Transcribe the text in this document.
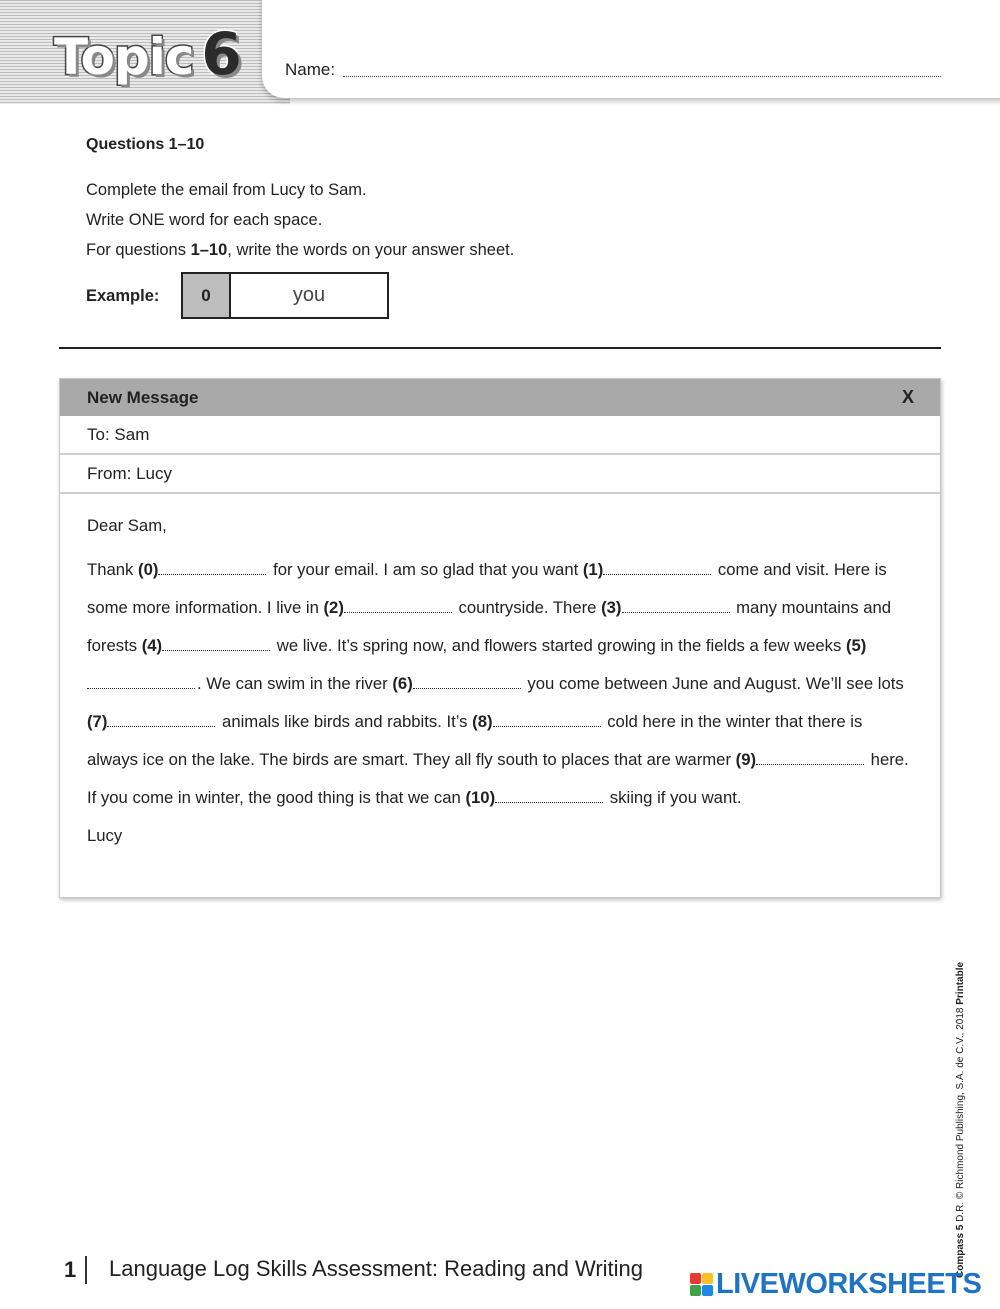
Topic 6	Name:
Questions 1–10
Complete the email from Lucy to Sam.
Write ONE word for each space.
For questions 1–10, write the words on your answer sheet.
Example:	0	you
New Message	X
To: Sam
From: Lucy
Dear Sam,
Thank (0)	for your email. I am so glad that you want (1)	come and visit. Here is some more information. I live in (2)	countryside. There (3)	many mountains and forests (4)	we live. It’s spring now, and flowers started growing in the fields a few weeks (5). We can swim in the river (6)	you come between June and August. We’ll see lots (7)	animals like birds and rabbits. It’s (8)	cold here in the winter that there is always ice on the lake. The birds are smart. They all fly south to places that are warmer (9)	here. If you come in winter, the good thing is that we can (10)	skiing if you want.
Lucy
1 Language Log Skills Assessment: Reading and Writing	Compass 5 D.R. © Richmond Publishing, S.A. de C.V., 2018 Printable
LIVEWORKSHEETS
